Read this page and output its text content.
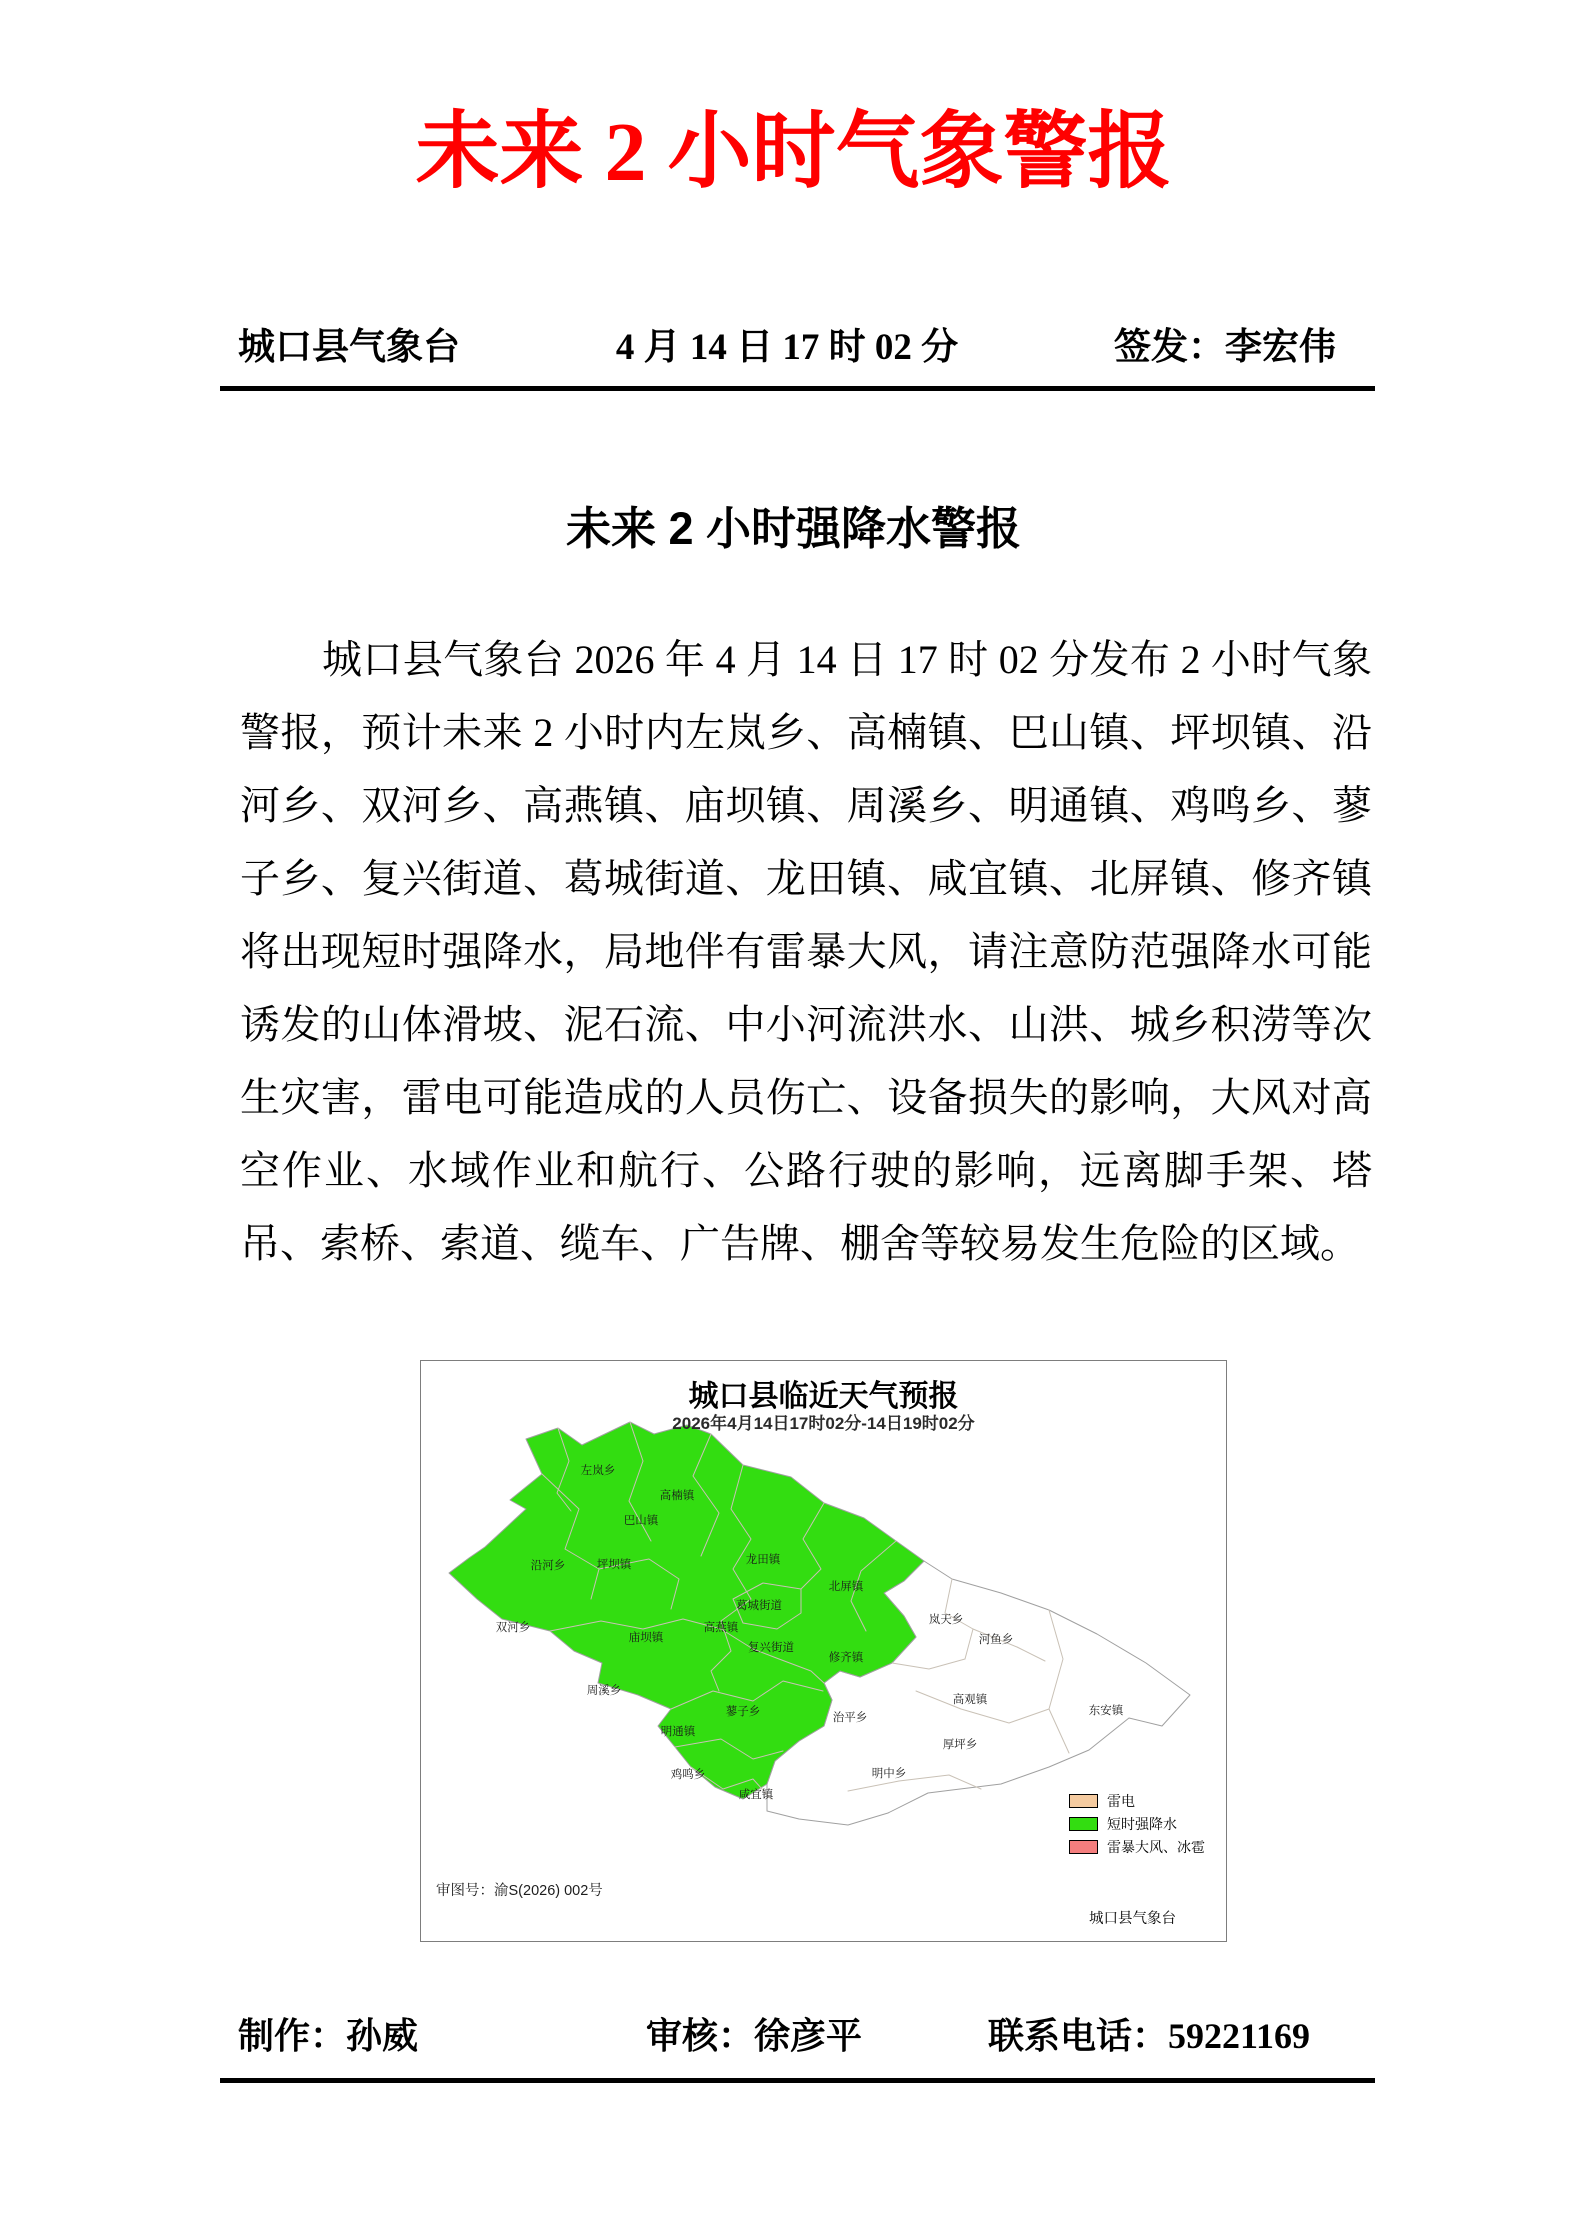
未来 2 小时气象警报
城口县气象台	4 月 14 日 17 时 02 分	签发：李宏伟
未来 2 小时强降水警报
城口县气象台 2026 年 4 月 14 日 17 时 02 分发布 2 小时气象警报，预计未来 2 小时内左岚乡、高楠镇、巴山镇、坪坝镇、沿河乡、双河乡、高燕镇、庙坝镇、周溪乡、明通镇、鸡鸣乡、蓼子乡、复兴街道、葛城街道、龙田镇、咸宜镇、北屏镇、修齐镇将出现短时强降水，局地伴有雷暴大风，请注意防范强降水可能诱发的山体滑坡、泥石流、中小河流洪水、山洪、城乡积涝等次生灾害，雷电可能造成的人员伤亡、设备损失的影响，大风对高空作业、水域作业和航行、公路行驶的影响，远离脚手架、塔吊、索桥、索道、缆车、广告牌、棚舍等较易发生危险的区域。
左岚乡
高楠镇
巴山镇
沿河乡	坪坝镇
双河乡
庙坝镇
高燕镇
葛城街道
复兴街道
龙田镇
北屏镇
修齐镇
周溪乡
蓼子乡
明通镇
鸡鸣乡
咸宜镇
岚天乡
河鱼乡
高观镇
东安镇
治平乡
厚坪乡
明中乡
城口县临近天气预报
2026年4月14日17时02分-14日19时02分
雷电
短时强降水
雷暴大风、冰雹
审图号：渝S(2026) 002号
城口县气象台
制作：孙威	审核：徐彦平	联系电话：59221169
